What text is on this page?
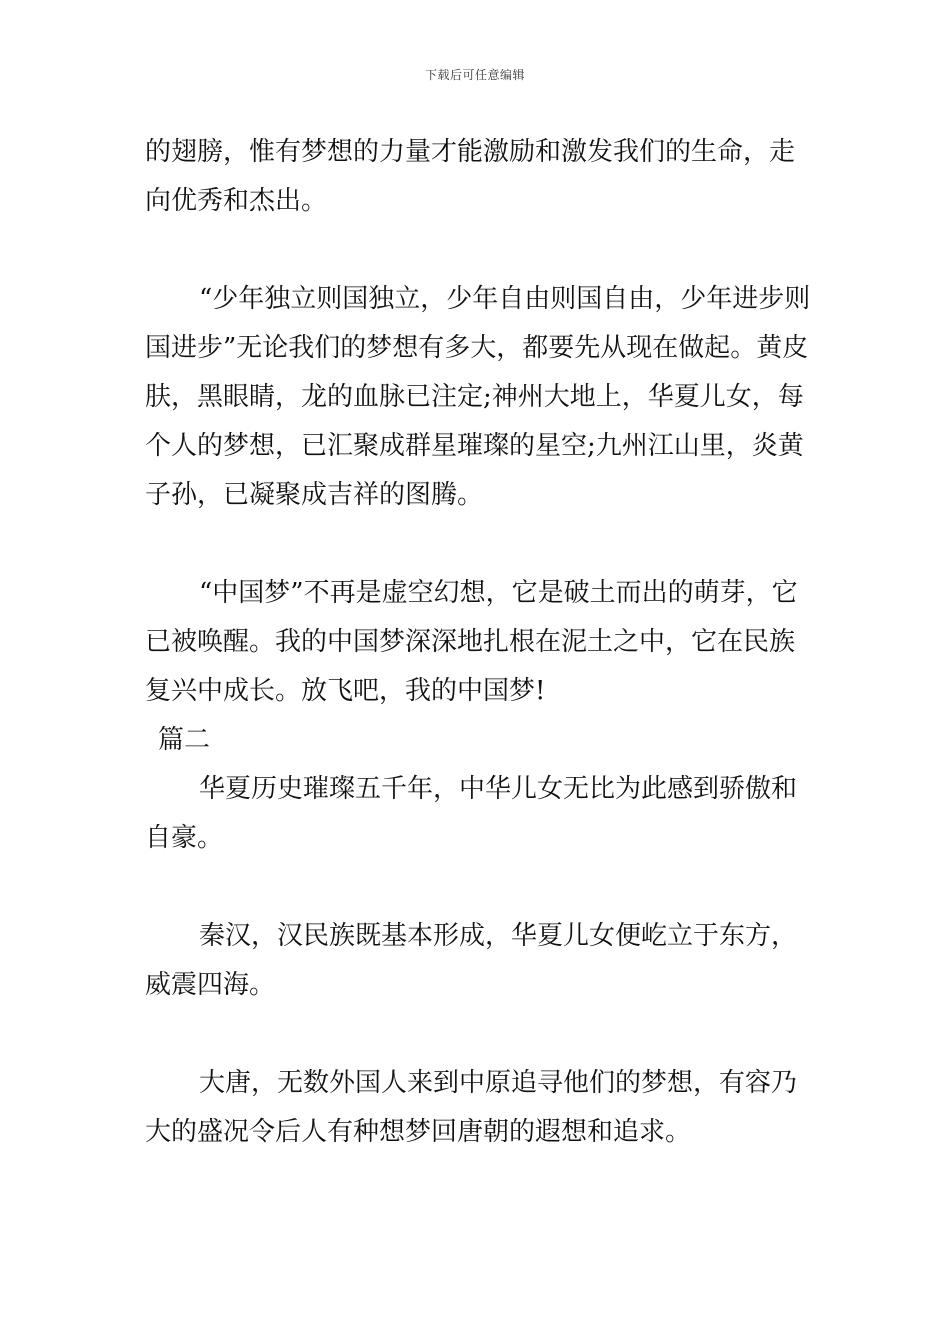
下载后可任意编辑

的翅膀，惟有梦想的力量才能激励和激发我们的生命，走向优秀和杰出。

“少年独立则国独立，少年自由则国自由，少年进步则国进步”无论我们的梦想有多大，都要先从现在做起。黄皮肤，黑眼睛，龙的血脉已注定;神州大地上，华夏儿女，每个人的梦想，已汇聚成群星璀璨的星空;九州江山里，炎黄子孙，已凝聚成吉祥的图腾。

“中国梦”不再是虚空幻想，它是破土而出的萌芽，它已被唤醒。我的中国梦深深地扎根在泥土之中，它在民族复兴中成长。放飞吧，我的中国梦!

篇二

华夏历史璀璨五千年，中华儿女无比为此感到骄傲和自豪。

秦汉，汉民族既基本形成，华夏儿女便屹立于东方，威震四海。

大唐，无数外国人来到中原追寻他们的梦想，有容乃大的盛况令后人有种想梦回唐朝的遐想和追求。
